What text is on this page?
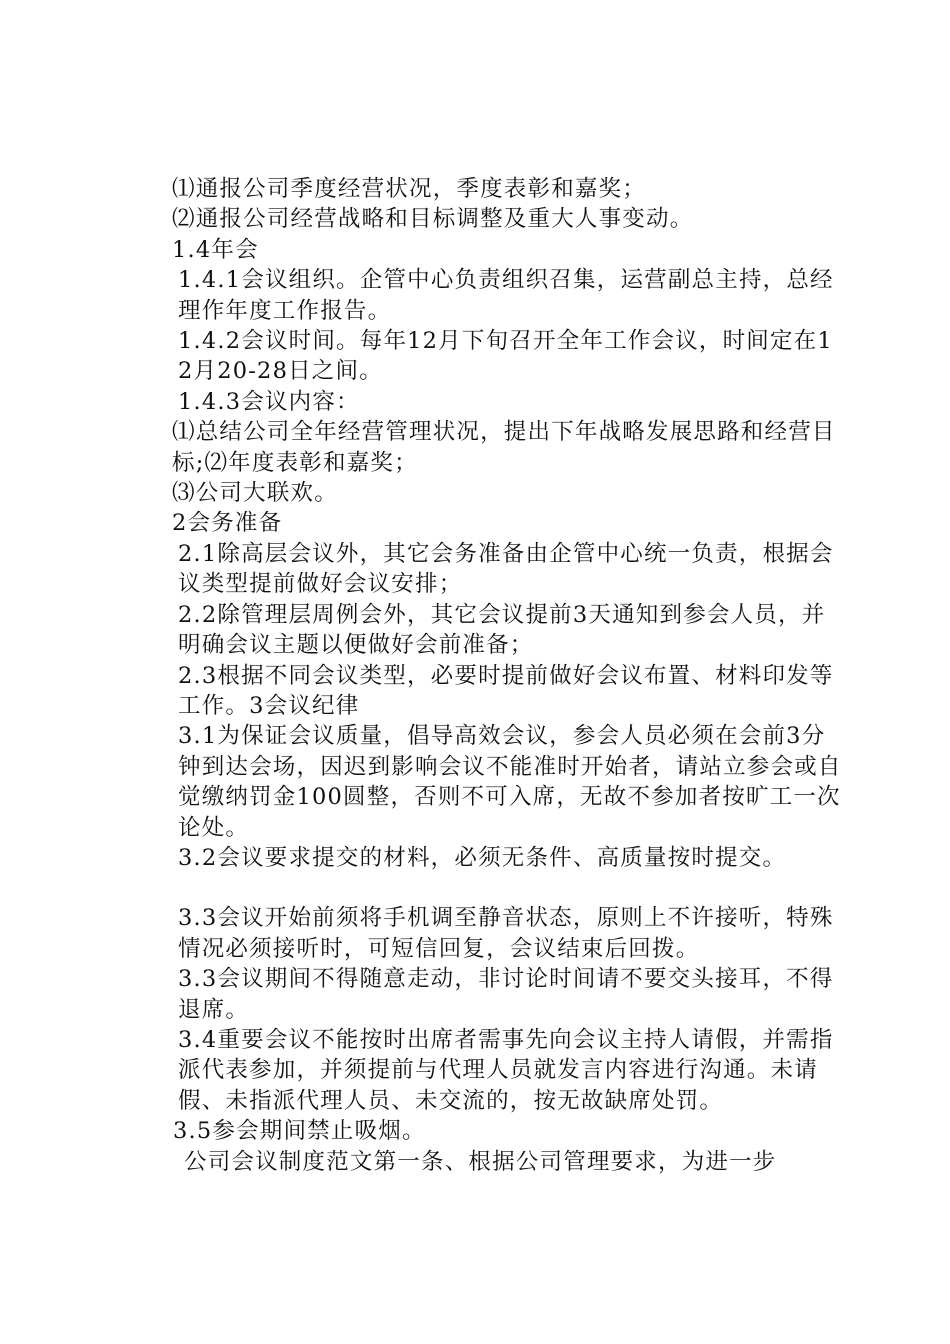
⑴通报公司季度经营状况，季度表彰和嘉奖；

⑵通报公司经营战略和目标调整及重大人事变动。

1.4年会

1.4.1会议组织。企管中心负责组织召集，运营副总主持，总经理作年度工作报告。

1.4.2会议时间。每年12月下旬召开全年工作会议，时间定在12月20-28日之间。

1.4.3会议内容：

⑴总结公司全年经营管理状况，提出下年战略发展思路和经营目标;⑵年度表彰和嘉奖；

⑶公司大联欢。

2会务准备

2.1除高层会议外，其它会务准备由企管中心统一负责，根据会议类型提前做好会议安排；

2.2除管理层周例会外，其它会议提前3天通知到参会人员，并明确会议主题以便做好会前准备；

2.3根据不同会议类型，必要时提前做好会议布置、材料印发等工作。3会议纪律

3.1为保证会议质量，倡导高效会议，参会人员必须在会前3分钟到达会场，因迟到影响会议不能准时开始者，请站立参会或自觉缴纳罚金100圆整，否则不可入席，无故不参加者按旷工一次论处。

3.2会议要求提交的材料，必须无条件、高质量按时提交。

3.3会议开始前须将手机调至静音状态，原则上不许接听，特殊情况必须接听时，可短信回复，会议结束后回拨。

3.3会议期间不得随意走动，非讨论时间请不要交头接耳，不得退席。

3.4重要会议不能按时出席者需事先向会议主持人请假，并需指派代表参加，并须提前与代理人员就发言内容进行沟通。未请假、未指派代理人员、未交流的，按无故缺席处罚。

3.5参会期间禁止吸烟。

公司会议制度范文第一条、根据公司管理要求，为进一步
